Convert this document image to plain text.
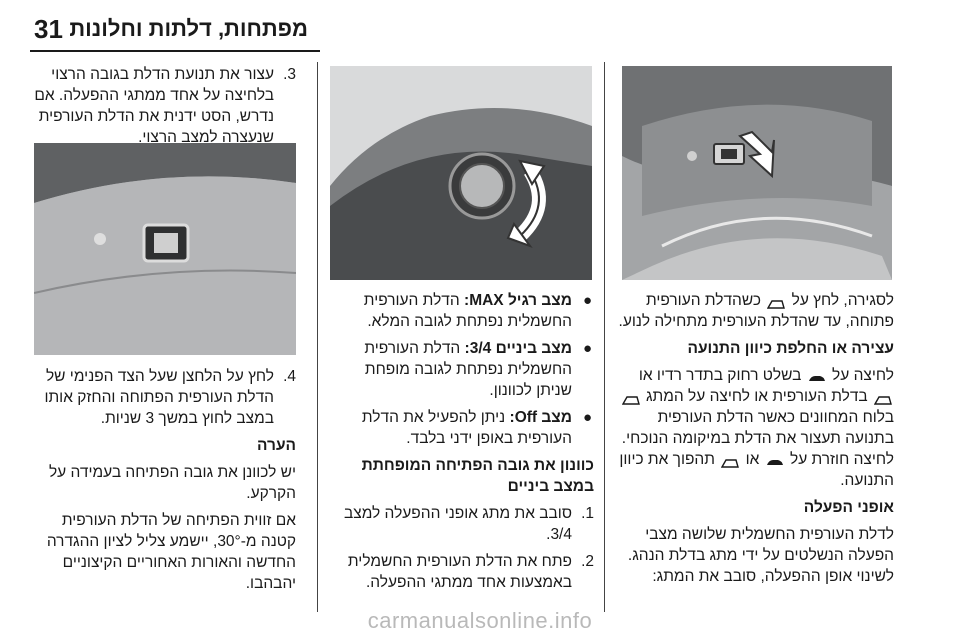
31 מפתחות, דלתות וחלונות

לסגירה, לחץ על  כשהדלת העורפית פתוחה, עד שהדלת העורפית מתחילה לנוע.

עצירה או החלפת כיוון התנועה

לחיצה על  בשלט רחוק בתדר רדיו או  בדלת העורפית או לחיצה על המתג  בלוח המחוונים כאשר הדלת העורפית בתנועה תעצור את הדלת במיקומה הנוכחי. לחיצה חוזרת על  או  תהפוך את כיוון התנועה.

אופני הפעלה

לדלת העורפית החשמלית שלושה מצבי הפעלה הנשלטים על ידי מתג בדלת הנהג. לשינוי אופן ההפעלה, סובב את המתג:

●
מצב רגיל MAX: הדלת העורפית החשמלית נפתחת לגובה המלא.
●
מצב ביניים 3/4: הדלת העורפית החשמלית נפתחת לגובה מופחת שניתן לכוונון.
●
מצב Off: ניתן להפעיל את הדלת העורפית באופן ידני בלבד.

כוונון את גובה הפתיחה המופחתת במצב ביניים

1.
סובב את מתג אופני ההפעלה למצב 3/4.
2.
פתח את הדלת העורפית החשמלית באמצעות אחד ממתגי ההפעלה.
3.
עצור את תנועת הדלת בגובה הרצוי בלחיצה על אחד ממתגי ההפעלה. אם נדרש, הסט ידנית את הדלת העורפית שנעצרה למצב הרצוי.
4.
לחץ על הלחצן שעל הצד הפנימי של הדלת העורפית הפתוחה והחזק אותו במצב לחוץ במשך 3 שניות.

הערה

יש לכוונן את גובה הפתיחה בעמידה על הקרקע.

אם זווית הפתיחה של הדלת העורפית קטנה מ-30°, יישמע צליל לציון ההגדרה החדשה והאורות האחוריים הקיצוניים יהבהבו.

carmanualsonline.info
